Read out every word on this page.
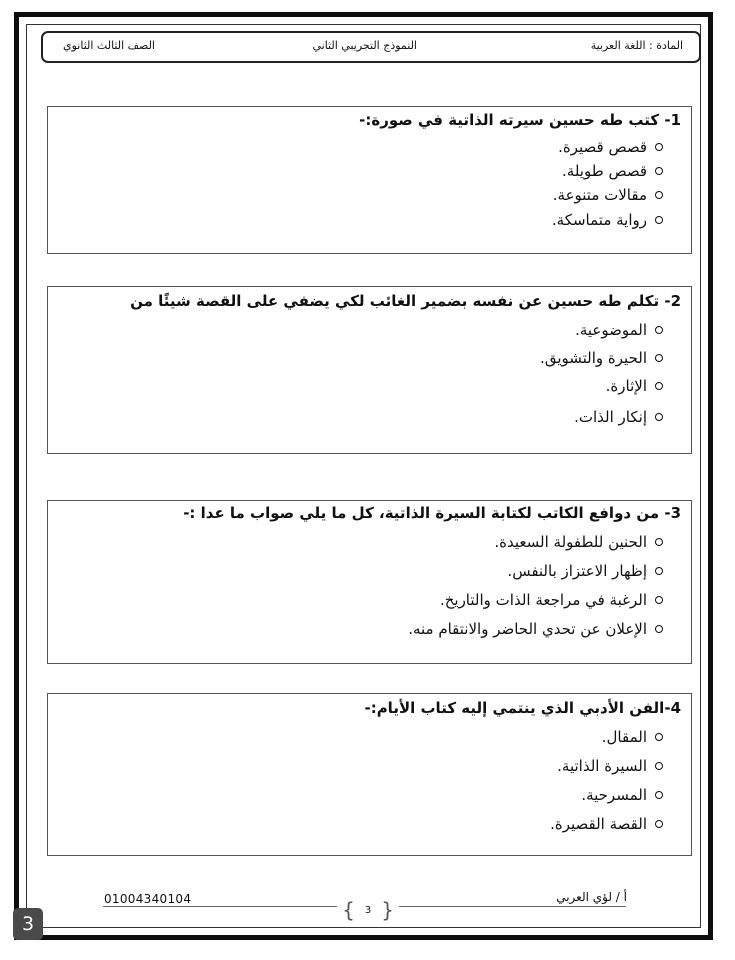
المادة : اللغة العربية
النموذج التجريبي الثاني
الصف الثالث الثانوي
1- كتب طه حسين سيرته الذاتية في صورة:-
قصص قصيرة.
قصص طويلة.
مقالات متنوعة.
رواية متماسكة.
2- تكلم طه حسين عن نفسه بضمير الغائب لكي يضفي على القصة شيئًا من
الموضوعية.
الحيرة والتشويق.
الإثارة.
إنكار الذات.
3- من دوافع الكاتب لكتابة السيرة الذاتية، كل ما يلي صواب ما عدا :-
الحنين للطفولة السعيدة.
إظهار الاعتزاز بالنفس.
الرغبة في مراجعة الذات والتاريخ.
الإعلان عن تحدي الحاضر والانتقام منه.
4-الفن الأدبي الذي ينتمي إليه كتاب الأيام:-
المقال.
السيرة الذاتية.
المسرحية.
القصة القصيرة.
01004340104	أ / لؤي العربي
{ 3 }
3
